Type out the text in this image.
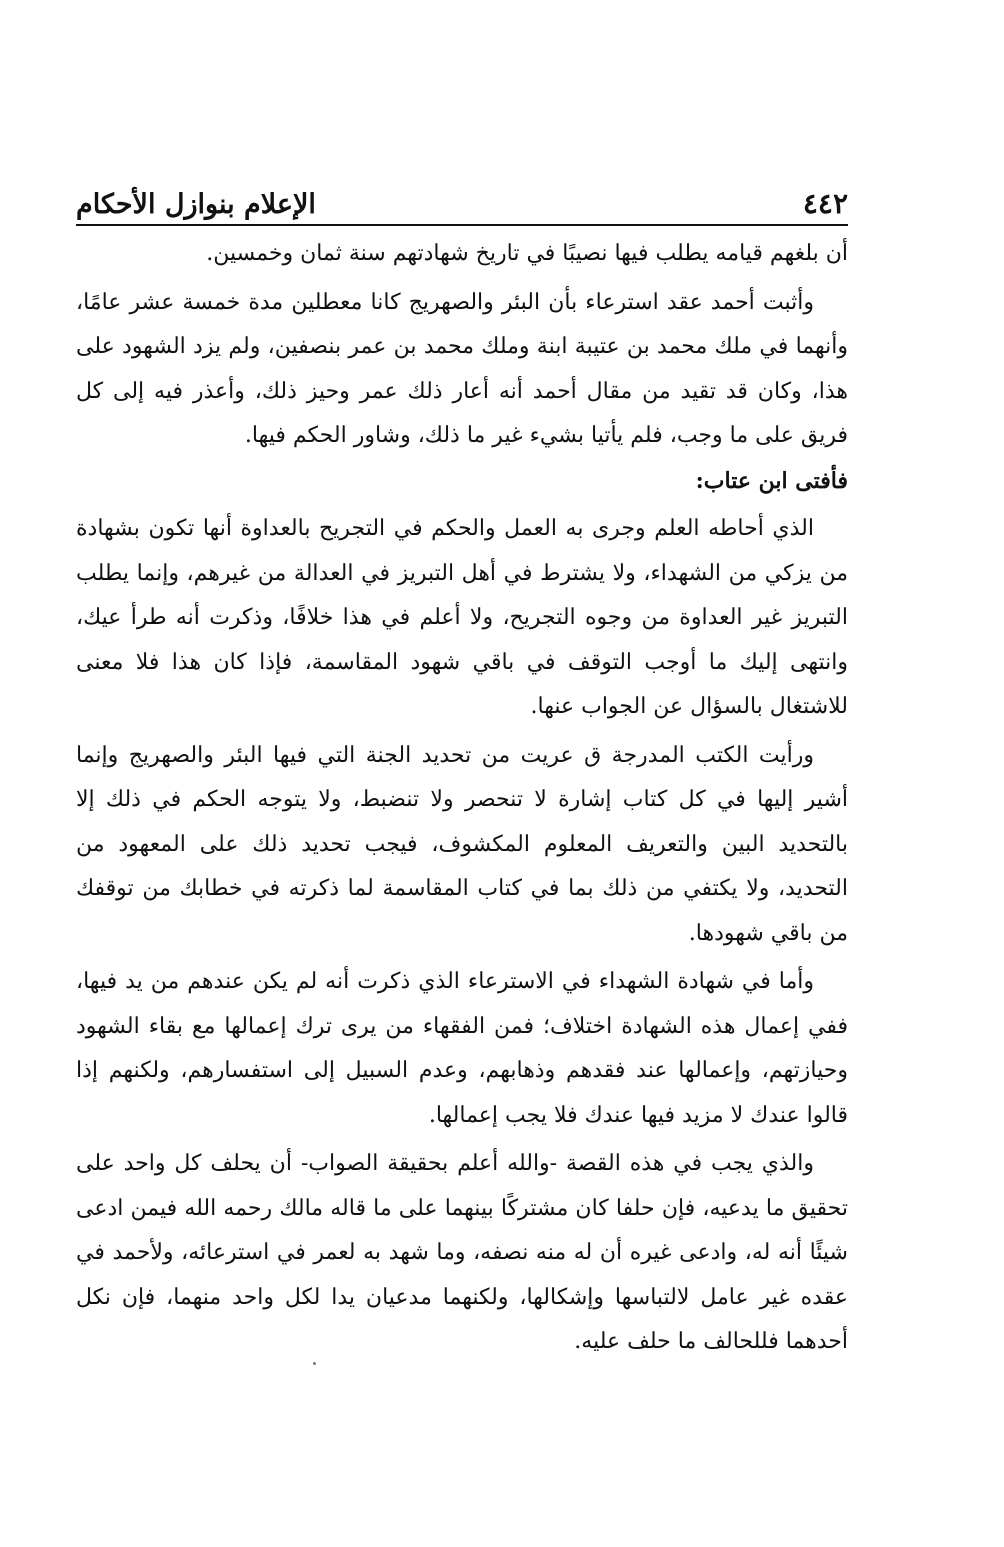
٤٤٢
الإعلام بنوازل الأحكام

أن بلغهم قيامه يطلب فيها نصيبًا في تاريخ شهادتهم سنة ثمان وخمسين.

وأثبت أحمد عقد استرعاء بأن البئر والصهريج كانا معطلين مدة خمسة عشر عامًا، وأنهما في ملك محمد بن عتيبة ابنة وملك محمد بن عمر بنصفين، ولم يزد الشهود على هذا، وكان قد تقيد من مقال أحمد أنه أعار ذلك عمر وحيز ذلك، وأعذر فيه إلى كل فريق على ما وجب، فلم يأتيا بشيء غير ما ذلك، وشاور الحكم فيها.

فأفتى ابن عتاب:

الذي أحاطه العلم وجرى به العمل والحكم في التجريح بالعداوة أنها تكون بشهادة من يزكي من الشهداء، ولا يشترط في أهل التبريز في العدالة من غيرهم، وإنما يطلب التبريز غير العداوة من وجوه التجريح، ولا أعلم في هذا خلافًا، وذكرت أنه طرأ عيك، وانتهى إليك ما أوجب التوقف في باقي شهود المقاسمة، فإذا كان هذا فلا معنى للاشتغال بالسؤال عن الجواب عنها.

ورأيت الكتب المدرجة ق عريت من تحديد الجنة التي فيها البئر والصهريج وإنما أشير إليها في كل كتاب إشارة لا تنحصر ولا تنضبط، ولا يتوجه الحكم في ذلك إلا بالتحديد البين والتعريف المعلوم المكشوف، فيجب تحديد ذلك على المعهود من التحديد، ولا يكتفي من ذلك بما في كتاب المقاسمة لما ذكرته في خطابك من توقفك من باقي شهودها.

وأما في شهادة الشهداء في الاسترعاء الذي ذكرت أنه لم يكن عندهم من يد فيها، ففي إعمال هذه الشهادة اختلاف؛ فمن الفقهاء من يرى ترك إعمالها مع بقاء الشهود وحيازتهم، وإعمالها عند فقدهم وذهابهم، وعدم السبيل إلى استفسارهم، ولكنهم إذا قالوا عندك لا مزيد فيها عندك فلا يجب إعمالها.

والذي يجب في هذه القصة -والله أعلم بحقيقة الصواب- أن يحلف كل واحد على تحقيق ما يدعيه، فإن حلفا كان مشتركًا بينهما على ما قاله مالك رحمه الله فيمن ادعى شيئًا أنه له، وادعى غيره أن له منه نصفه، وما شهد به لعمر في استرعائه، ولأحمد في عقده غير عامل لالتباسها وإشكالها، ولكنهما مدعيان يدا لكل واحد منهما، فإن نكل أحدهما فللحالف ما حلف عليه.
